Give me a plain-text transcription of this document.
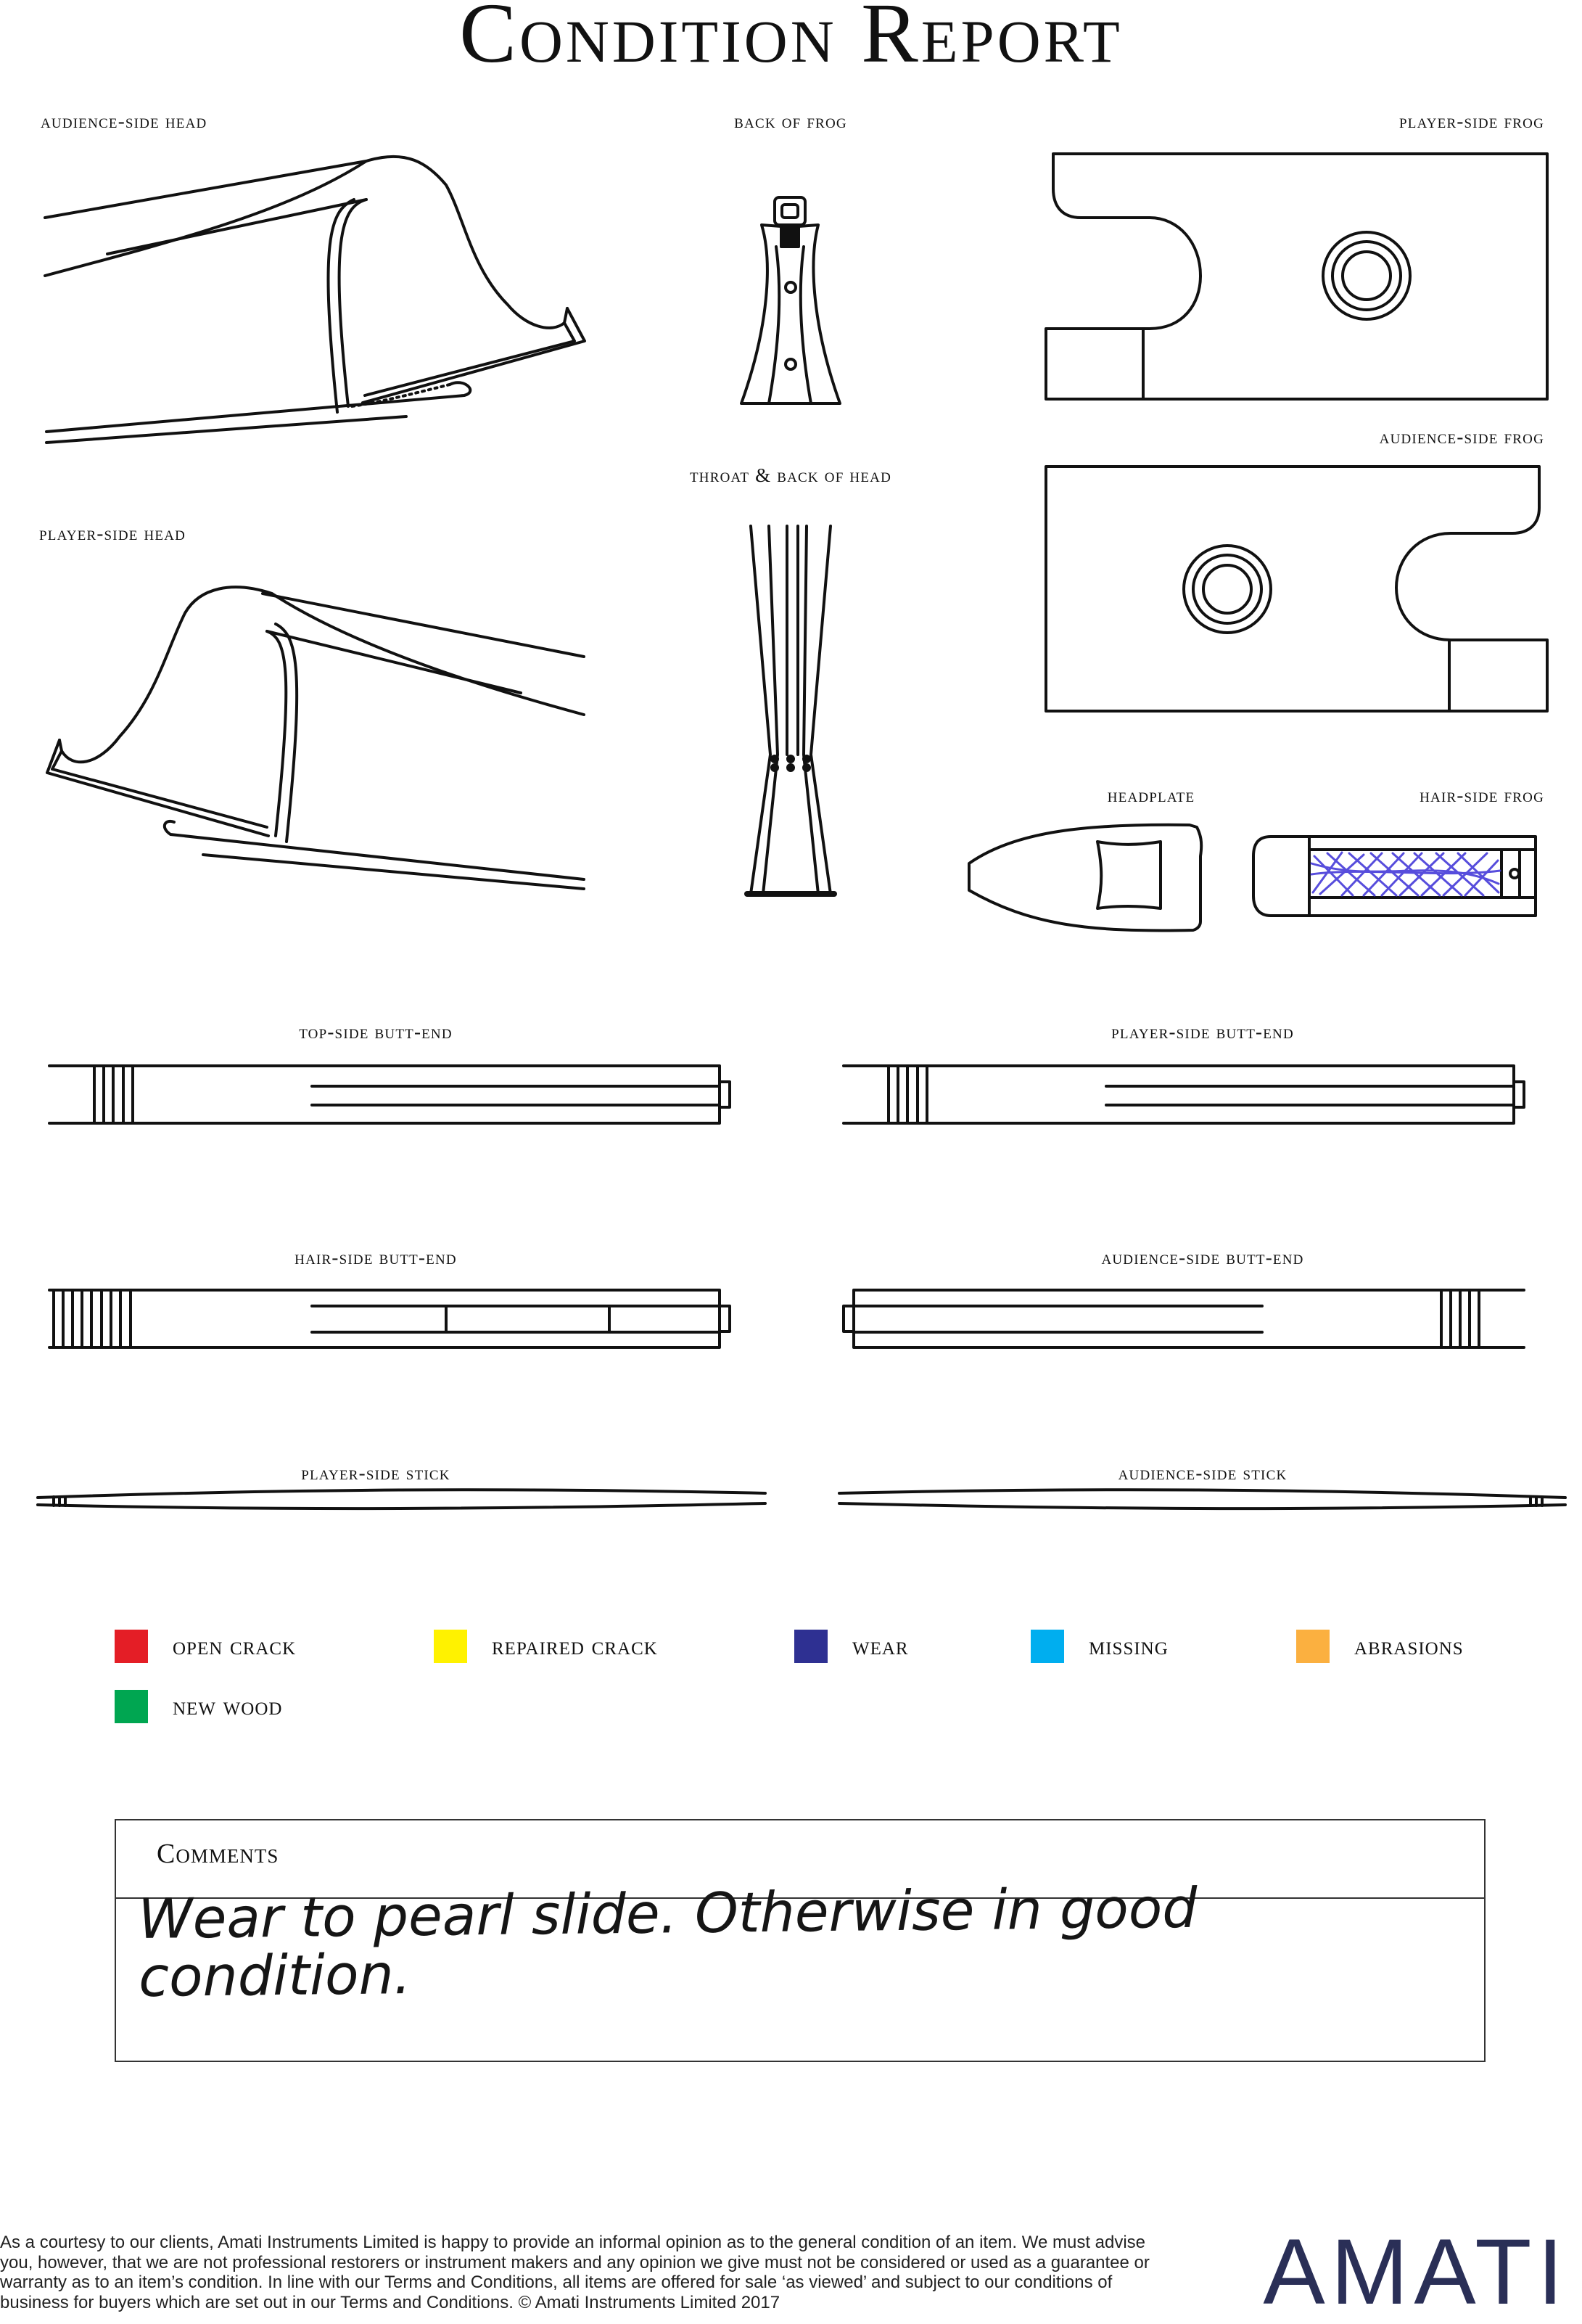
Condition Report
audience-side head	back of frog	player-side frog
throat & back of head
audience-side frog
player-side head
headplate	hair-side frog
top-side butt-end	player-side butt-end
hair-side butt-end	audience-side butt-end
player-side stick	audience-side stick
open crack	repaired crack	wear	missing	abrasions
new wood
Comments
Wear to pearl slide. Otherwise in good condition.

As a courtesy to our clients, Amati Instruments Limited is happy to provide an informal opinion as to the general condition of an item. We must advise you, however, that we are not professional restorers or instrument makers and any opinion we give must not be considered or used as a guarantee or warranty as to an item’s condition. In line with our Terms and Conditions, all items are offered for sale ‘as viewed’ and subject to our conditions of business for buyers which are set out in our Terms and Conditions. © Amati Instruments Limited 2017	AMATI
